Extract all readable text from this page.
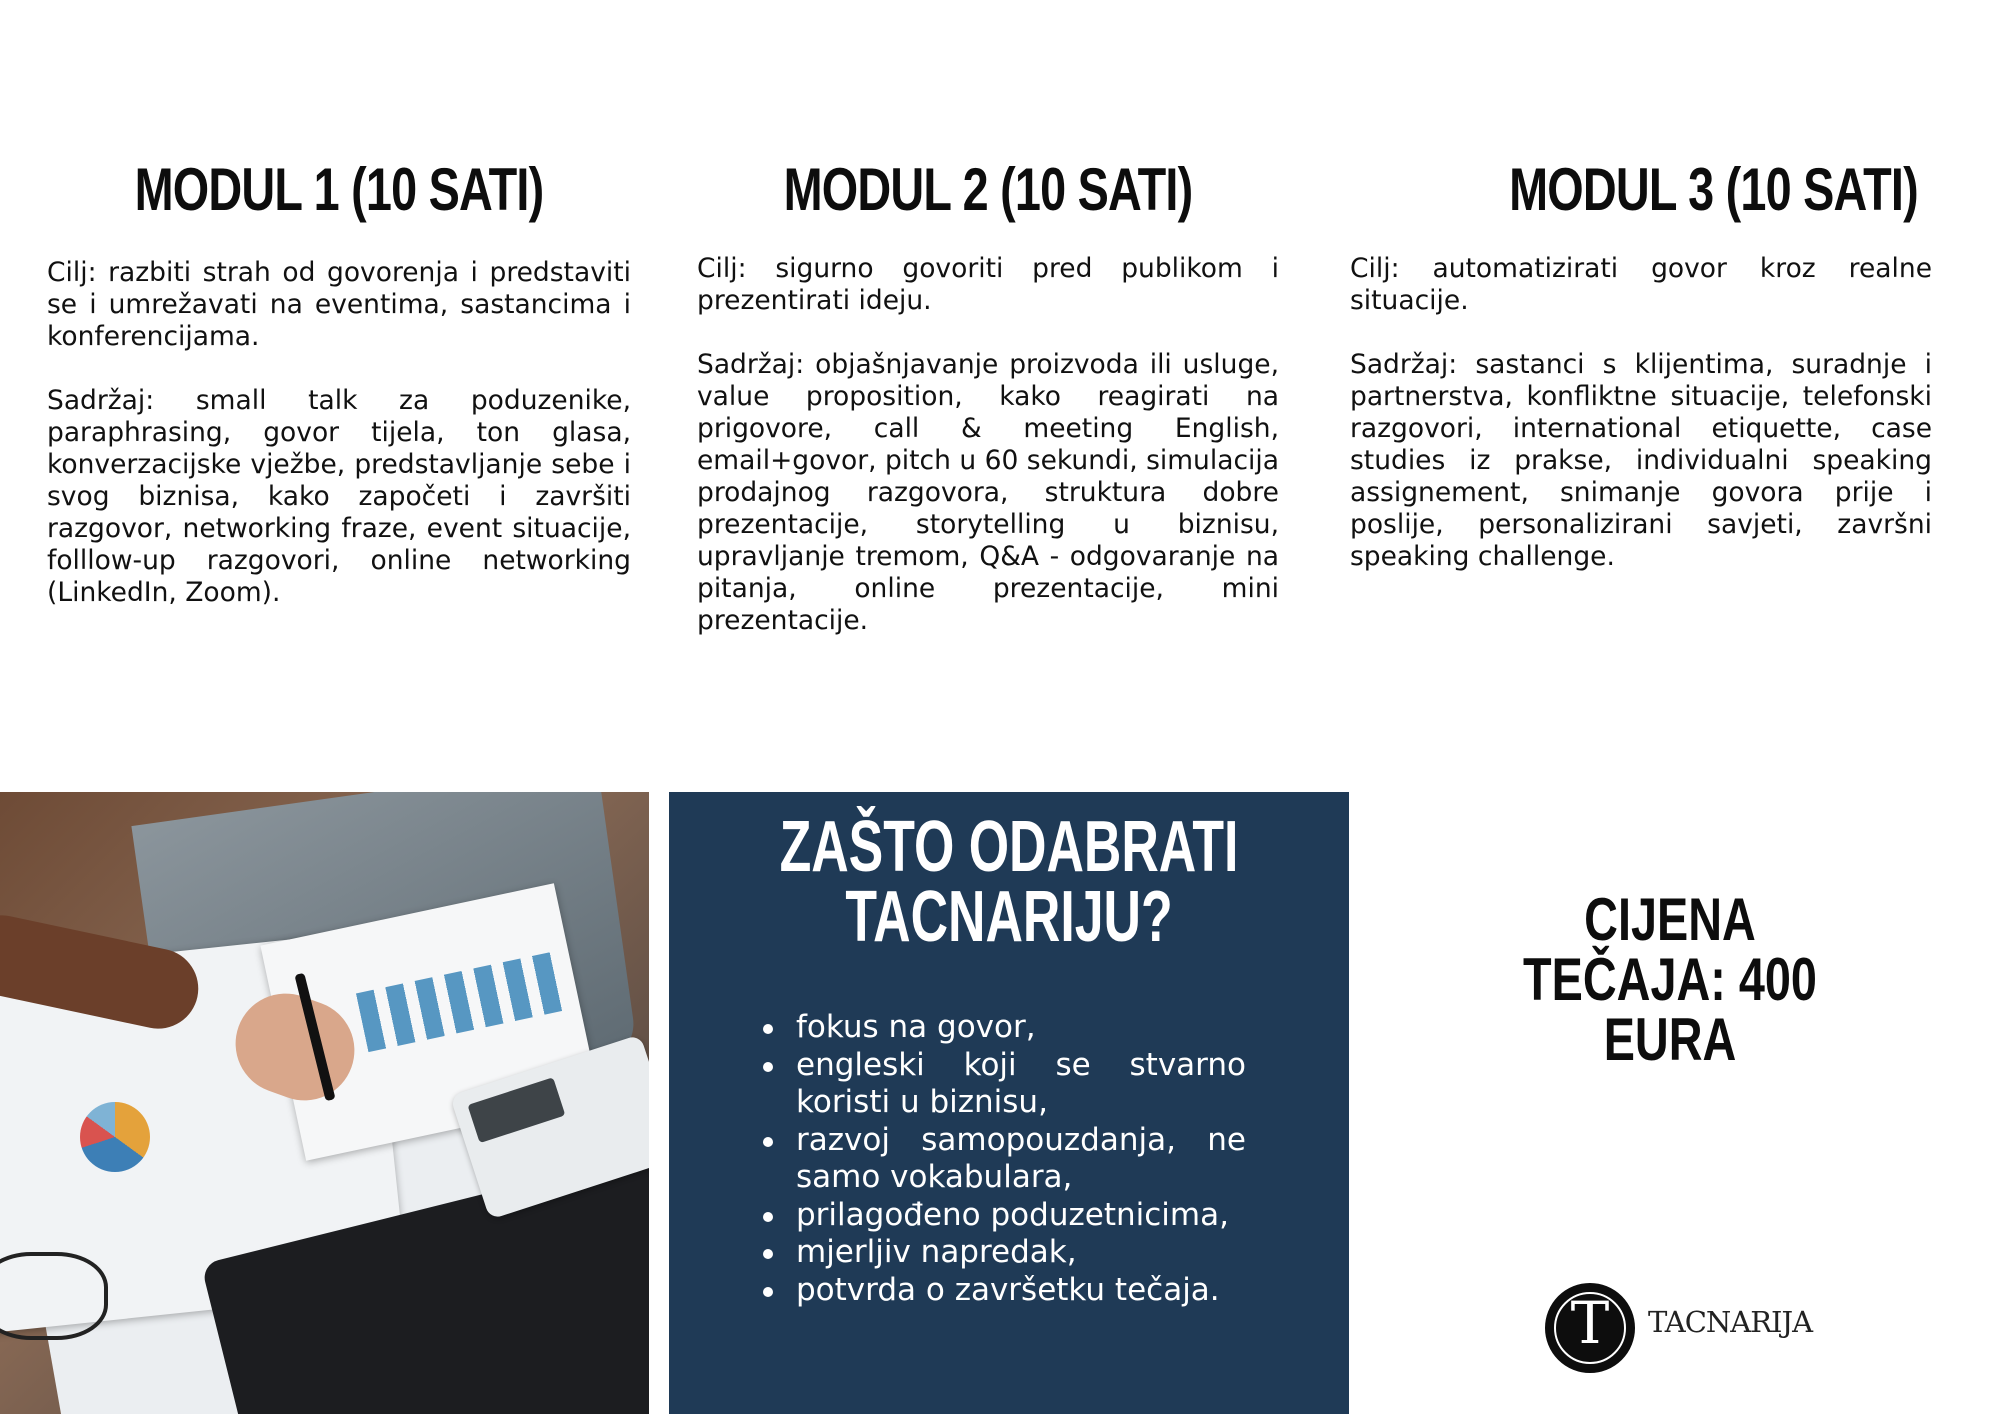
MODUL 1 (10 SATI)

Cilj: razbiti strah od govorenja i predstaviti se i umrežavati na eventima, sastancima i konferencijama.

Sadržaj: small talk za poduzenike, paraphrasing, govor tijela, ton glasa, konverzacijske vježbe, predstavljanje sebe i svog biznisa, kako započeti i završiti razgovor, networking fraze, event situacije, folllow-up razgovori, online networking (LinkedIn, Zoom).

MODUL 2 (10 SATI)

Cilj: sigurno govoriti pred publikom i prezentirati ideju.

Sadržaj: objašnjavanje proizvoda ili usluge, value proposition, kako reagirati na prigovore, call & meeting English, email+govor, pitch u 60 sekundi, simulacija prodajnog razgovora, struktura dobre prezentacije, storytelling u biznisu, upravljanje tremom, Q&A - odgovaranje na pitanja, online prezentacije, mini prezentacije.

MODUL 3 (10 SATI)

Cilj: automatizirati govor kroz realne situacije.

Sadržaj: sastanci s klijentima, suradnje i partnerstva, konfliktne situacije, telefonski razgovori, international etiquette, case studies iz prakse, individualni speaking assignement, snimanje govora prije i poslije, personalizirani savjeti, završni speaking challenge.

ZAŠTO ODABRATI
TACNARIJU?
fokus na govor,
engleski koji se stvarno koristi u biznisu,
razvoj samopouzdanja, ne samo vokabulara,
prilagođeno poduzetnicima,
mjerljiv napredak,
potvrda o završetku tečaja.
CIJENA TEČAJA: 400
EURA
T	TACNARIJA
